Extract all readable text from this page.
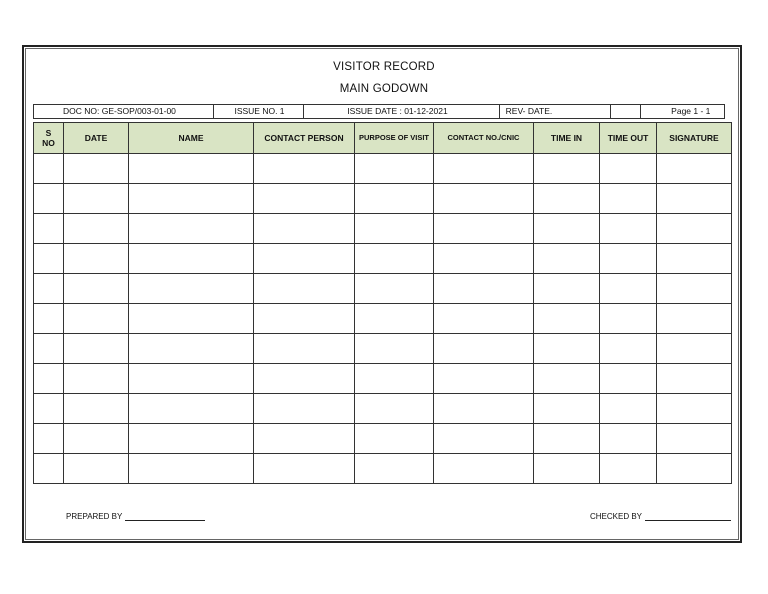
VISITOR RECORD
MAIN GODOWN
DOC NO: GE-SOP/003-01-00	ISSUE NO. 1	ISSUE DATE : 01-12-2021	REV- DATE.	Page 1 - 1
S
NO	DATE	NAME	CONTACT PERSON	PURPOSE OF VISIT	CONTACT NO./CNIC	TIME IN	TIME OUT	SIGNATURE

PREPARED BY	CHECKED BY
